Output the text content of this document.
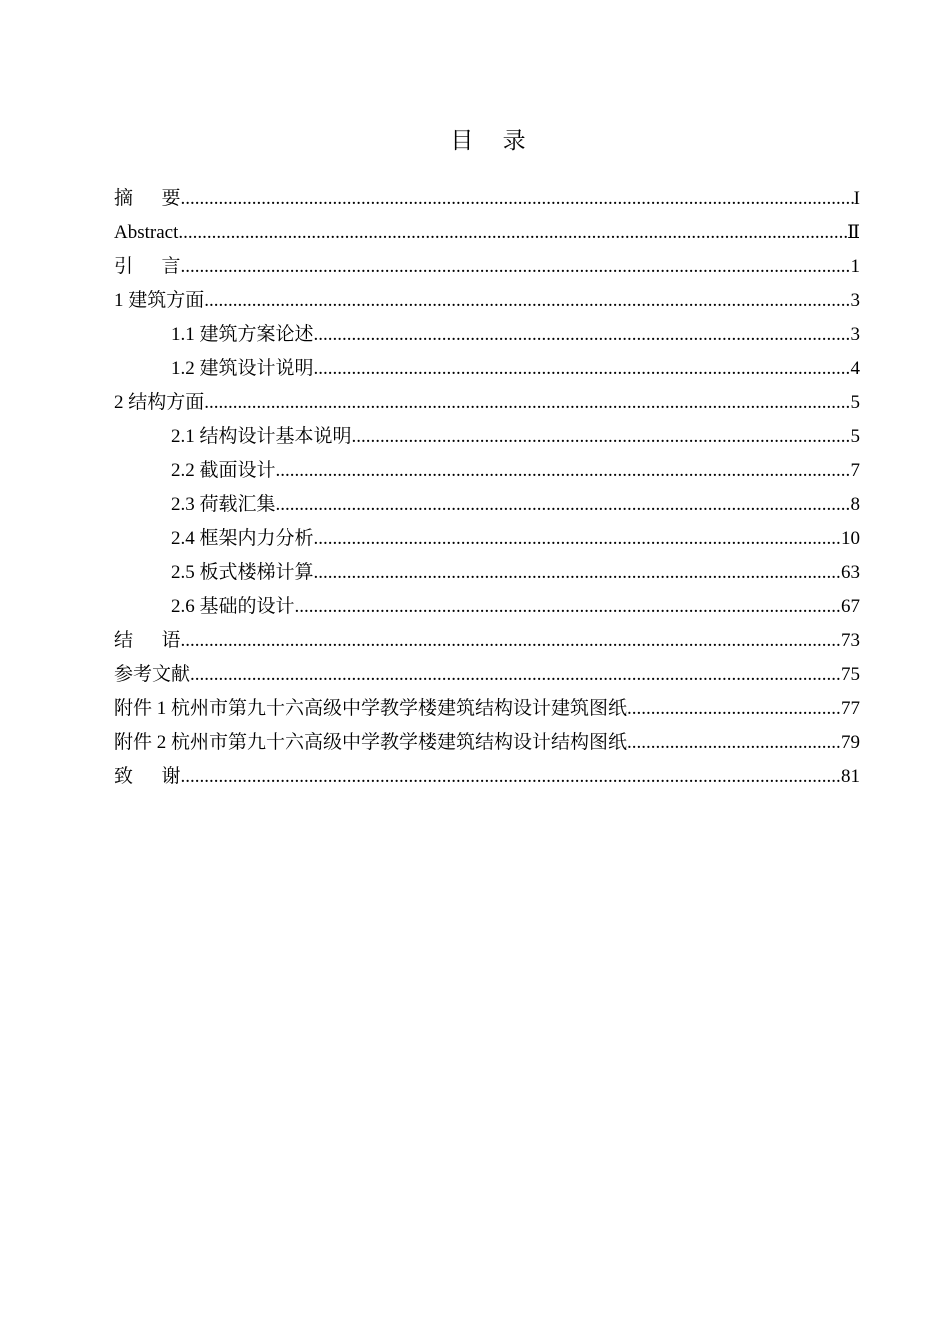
目    录
摘      要 .....	I
Abstract .....	Ⅱ
引      言 .....	1
1 建筑方面 .....	3
1.1 建筑方案论述 .....	3
1.2 建筑设计说明 .....	4
2 结构方面 .....	5
2.1 结构设计基本说明 .....	5
2.2 截面设计 .....	7
2.3 荷载汇集 .....	8
2.4 框架内力分析 .....	10
2.5 板式楼梯计算 .....	63
2.6 基础的设计 .....	67
结      语 .....	73
参考文献 .....	75
附件 1 杭州市第九十六高级中学教学楼建筑结构设计建筑图纸 .....	77
附件 2 杭州市第九十六高级中学教学楼建筑结构设计结构图纸 .....	79
致      谢 .....	81
